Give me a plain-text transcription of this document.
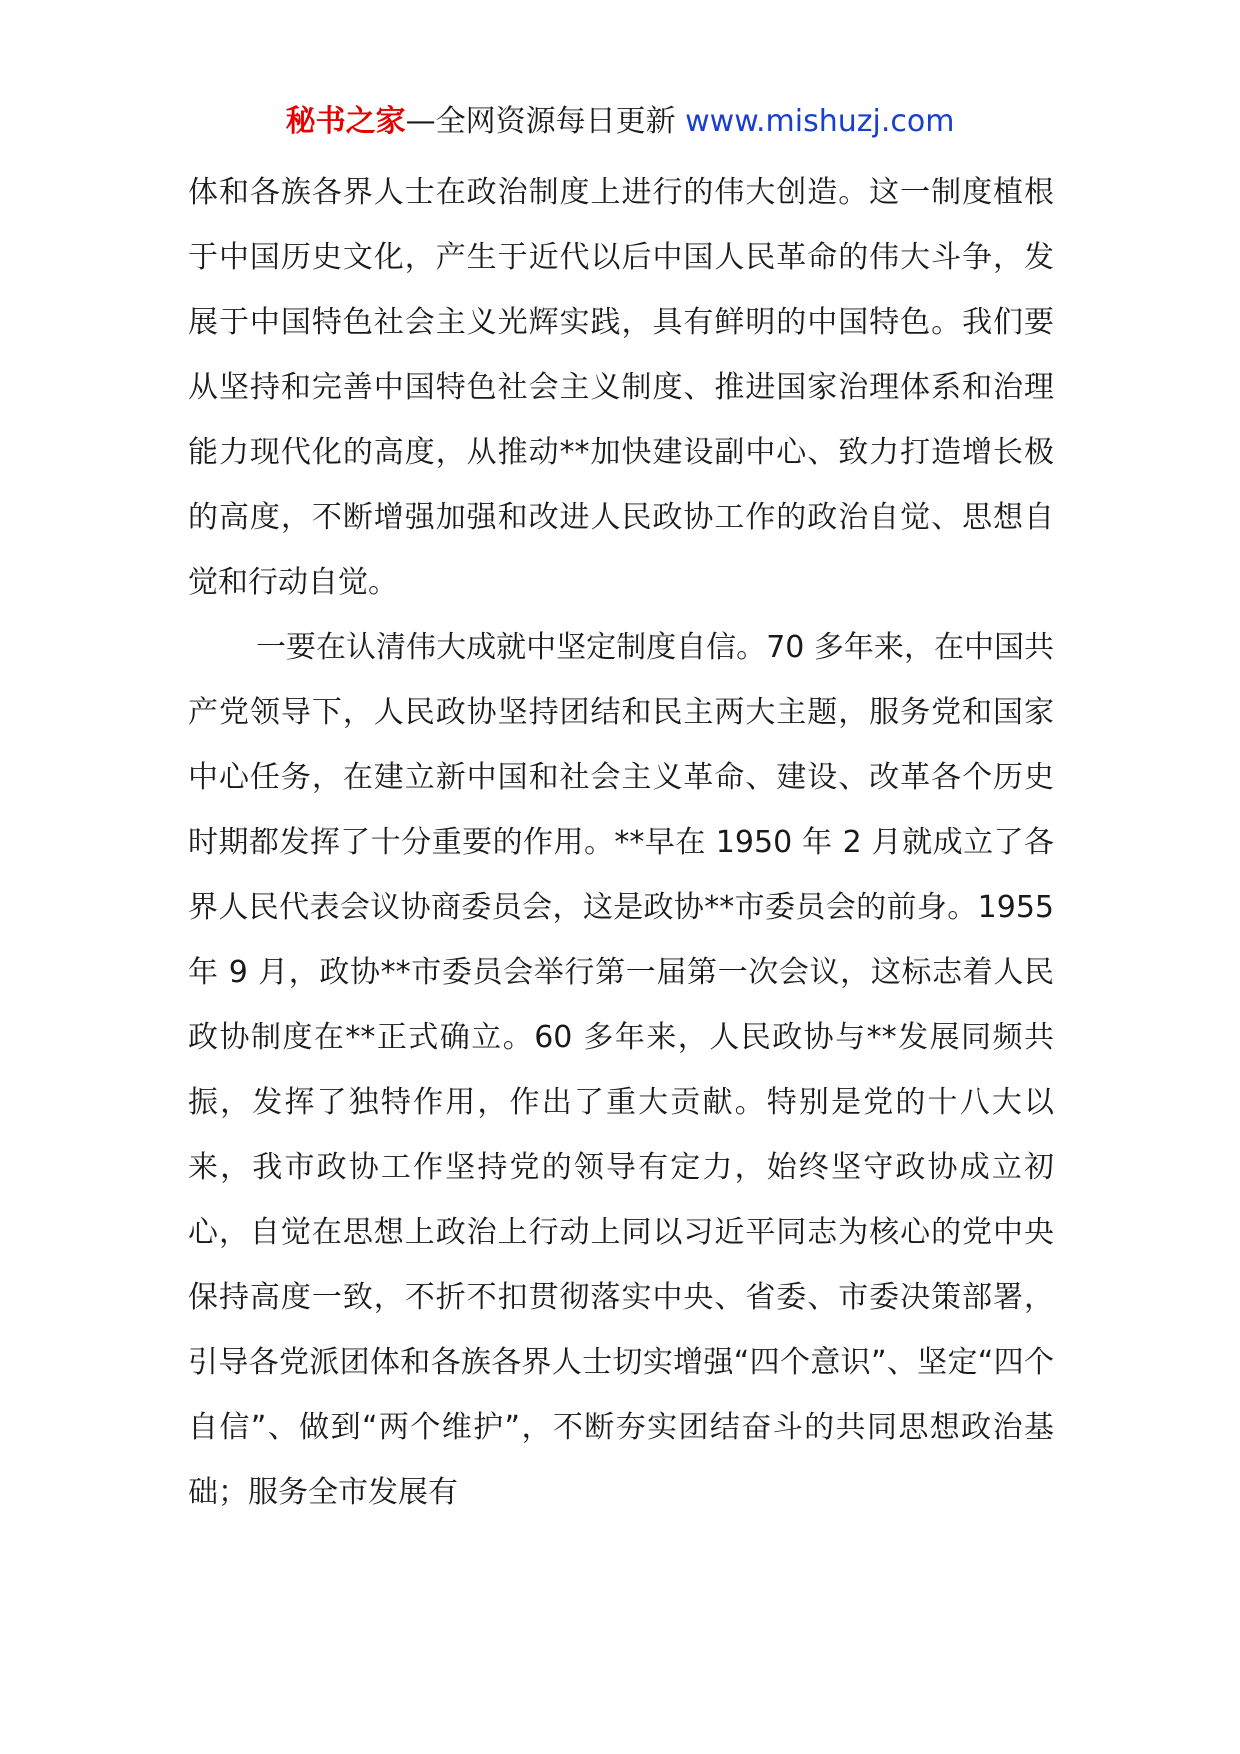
秘书之家—全网资源每日更新 www.mishuzj.com

体和各族各界人士在政治制度上进行的伟大创造。这一制度植根于中国历史文化，产生于近代以后中国人民革命的伟大斗争，发展于中国特色社会主义光辉实践，具有鲜明的中国特色。我们要从坚持和完善中国特色社会主义制度、推进国家治理体系和治理能力现代化的高度，从推动**加快建设副中心、致力打造增长极的高度，不断增强加强和改进人民政协工作的政治自觉、思想自觉和行动自觉。

一要在认清伟大成就中坚定制度自信。70 多年来，在中国共产党领导下，人民政协坚持团结和民主两大主题，服务党和国家中心任务，在建立新中国和社会主义革命、建设、改革各个历史时期都发挥了十分重要的作用。**早在 1950 年 2 月就成立了各界人民代表会议协商委员会，这是政协**市委员会的前身。1955 年 9 月，政协**市委员会举行第一届第一次会议，这标志着人民政协制度在**正式确立。60 多年来，人民政协与**发展同频共振，发挥了独特作用，作出了重大贡献。特别是党的十八大以来，我市政协工作坚持党的领导有定力，始终坚守政协成立初心，自觉在思想上政治上行动上同以习近平同志为核心的党中央保持高度一致，不折不扣贯彻落实中央、省委、市委决策部署，引导各党派团体和各族各界人士切实增强“四个意识”、坚定“四个自信”、做到“两个维护”，不断夯实团结奋斗的共同思想政治基础；服务全市发展有
